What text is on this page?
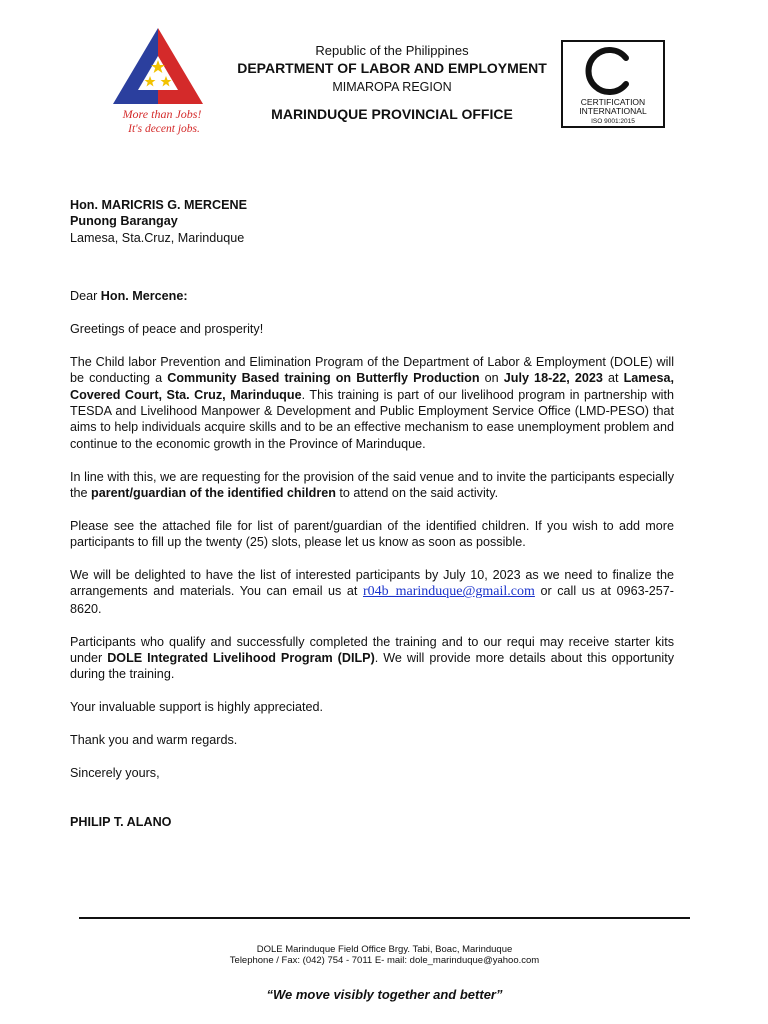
More than Jobs!
It's decent jobs.
Republic of the Philippines
DEPARTMENT OF LABOR AND EMPLOYMENT
MIMAROPA REGION
MARINDUQUE PROVINCIAL OFFICE
CERTIFICATION
INTERNATIONAL
ISO 9001:2015
Hon. MARICRIS G. MERCENE
Punong Barangay
Lamesa, Sta.Cruz, Marinduque

Dear Hon. Mercene:

Greetings of peace and prosperity!

The Child labor Prevention and Elimination Program of the Department of Labor & Employment (DOLE) will be conducting a Community Based training on Butterfly Production on July 18-22, 2023 at Lamesa, Covered Court, Sta. Cruz, Marinduque. This training is part of our livelihood program in partnership with TESDA and Livelihood Manpower & Development and Public Employment Service Office (LMD-PESO) that aims to help individuals acquire skills and to be an effective mechanism to ease unemployment problem and continue to the economic growth in the Province of Marinduque.

In line with this, we are requesting for the provision of the said venue and to invite the participants especially the parent/guardian of the identified children to attend on the said activity.

Please see the attached file for list of parent/guardian of the identified children. If you wish to add more participants to fill up the twenty (25) slots, please let us know as soon as possible.

We will be delighted to have the list of interested participants by July 10, 2023 as we need to finalize the arrangements and materials. You can email us at r04b_marinduque@gmail.com or call us at 0963-257-8620.

Participants who qualify and successfully completed the training and to our requi may receive starter kits under DOLE Integrated Livelihood Program (DILP). We will provide more details about this opportunity during the training.

Your invaluable support is highly appreciated.

Thank you and warm regards.

Sincerely yours,

PHILIP T. ALANO

DOLE Marinduque Field Office Brgy. Tabi, Boac, Marinduque
Telephone / Fax: (042) 754 - 7011 E- mail: dole_marinduque@yahoo.com
“We move visibly together and better”
